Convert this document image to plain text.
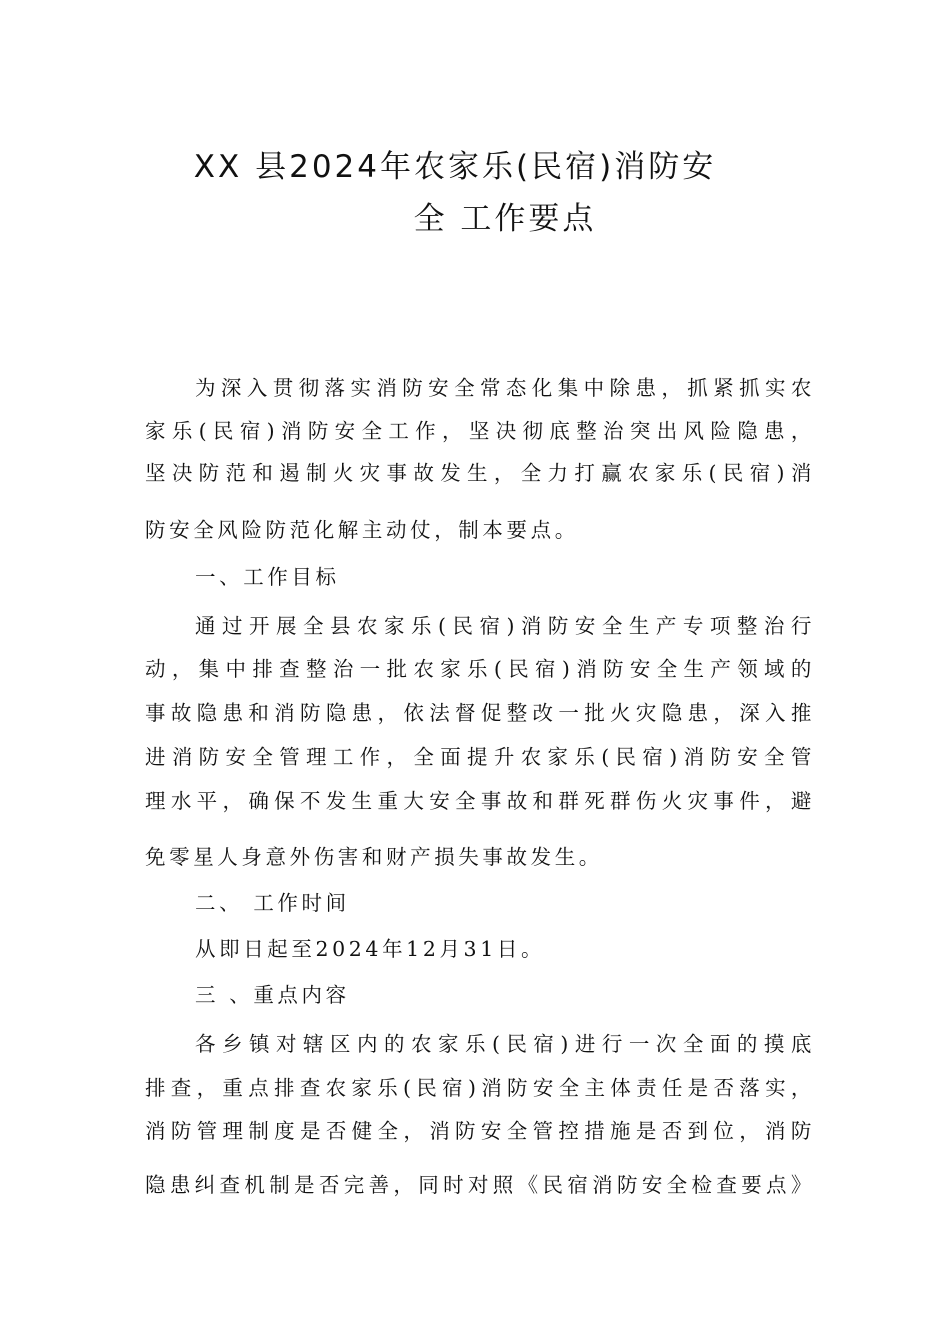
XX 县2024年农家乐(民宿)消防安
全 工作要点
为深入贯彻落实消防安全常态化集中除患，抓紧抓实农
家乐(民宿)消防安全工作，坚决彻底整治突出风险隐患，
坚决防范和遏制火灾事故发生，全力打赢农家乐(民宿)消
防安全风险防范化解主动仗，制本要点。
一、工作目标
通过开展全县农家乐(民宿)消防安全生产专项整治行
动，集中排查整治一批农家乐(民宿)消防安全生产领域的
事故隐患和消防隐患，依法督促整改一批火灾隐患，深入推
进消防安全管理工作，全面提升农家乐(民宿)消防安全管
理水平，确保不发生重大安全事故和群死群伤火灾事件，避
免零星人身意外伤害和财产损失事故发生。
二、 工作时间
从即日起至2024年12月31日。
三 、重点内容
各乡镇对辖区内的农家乐(民宿)进行一次全面的摸底
排查，重点排查农家乐(民宿)消防安全主体责任是否落实，
消防管理制度是否健全，消防安全管控措施是否到位，消防
隐患纠查机制是否完善，同时对照《民宿消防安全检查要点》
